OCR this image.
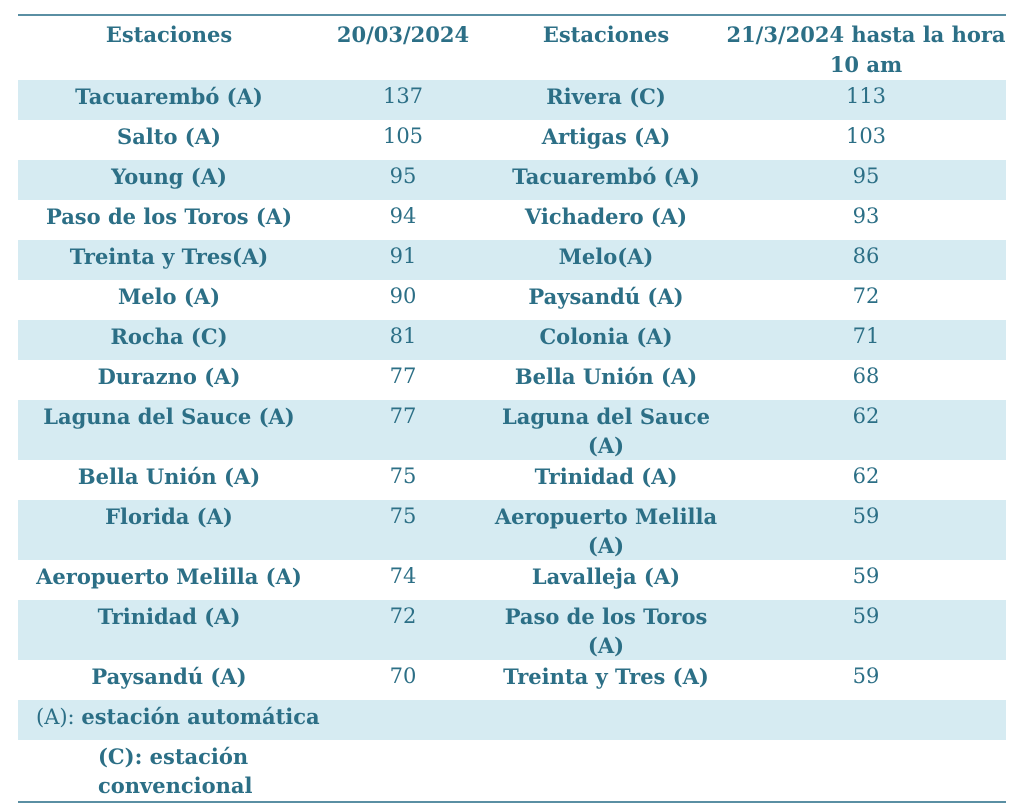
Estaciones	20/03/2024	Estaciones	21/3/2024 hasta la hora 10 am
Tacuarembó (A)	137	Rivera (C)	113
Salto (A)	105	Artigas (A)	103
Young (A)	95	Tacuarembó (A)	95
Paso de los Toros (A)	94	Vichadero (A)	93
Treinta y Tres(A)	91	Melo(A)	86
Melo (A)	90	Paysandú (A)	72
Rocha (C)	81	Colonia (A)	71
Durazno (A)	77	Bella Unión (A)	68
Laguna del Sauce (A)	77	Laguna del Sauce (A)	62
Bella Unión (A)	75	Trinidad (A)	62
Florida (A)	75	Aeropuerto Melilla (A)	59
Aeropuerto Melilla (A)	74	Lavalleja (A)	59
Trinidad (A)	72	Paso de los Toros (A)	59
Paysandú (A)	70	Treinta y Tres (A)	59
(A): estación automática			
(C): estación
convencional			
